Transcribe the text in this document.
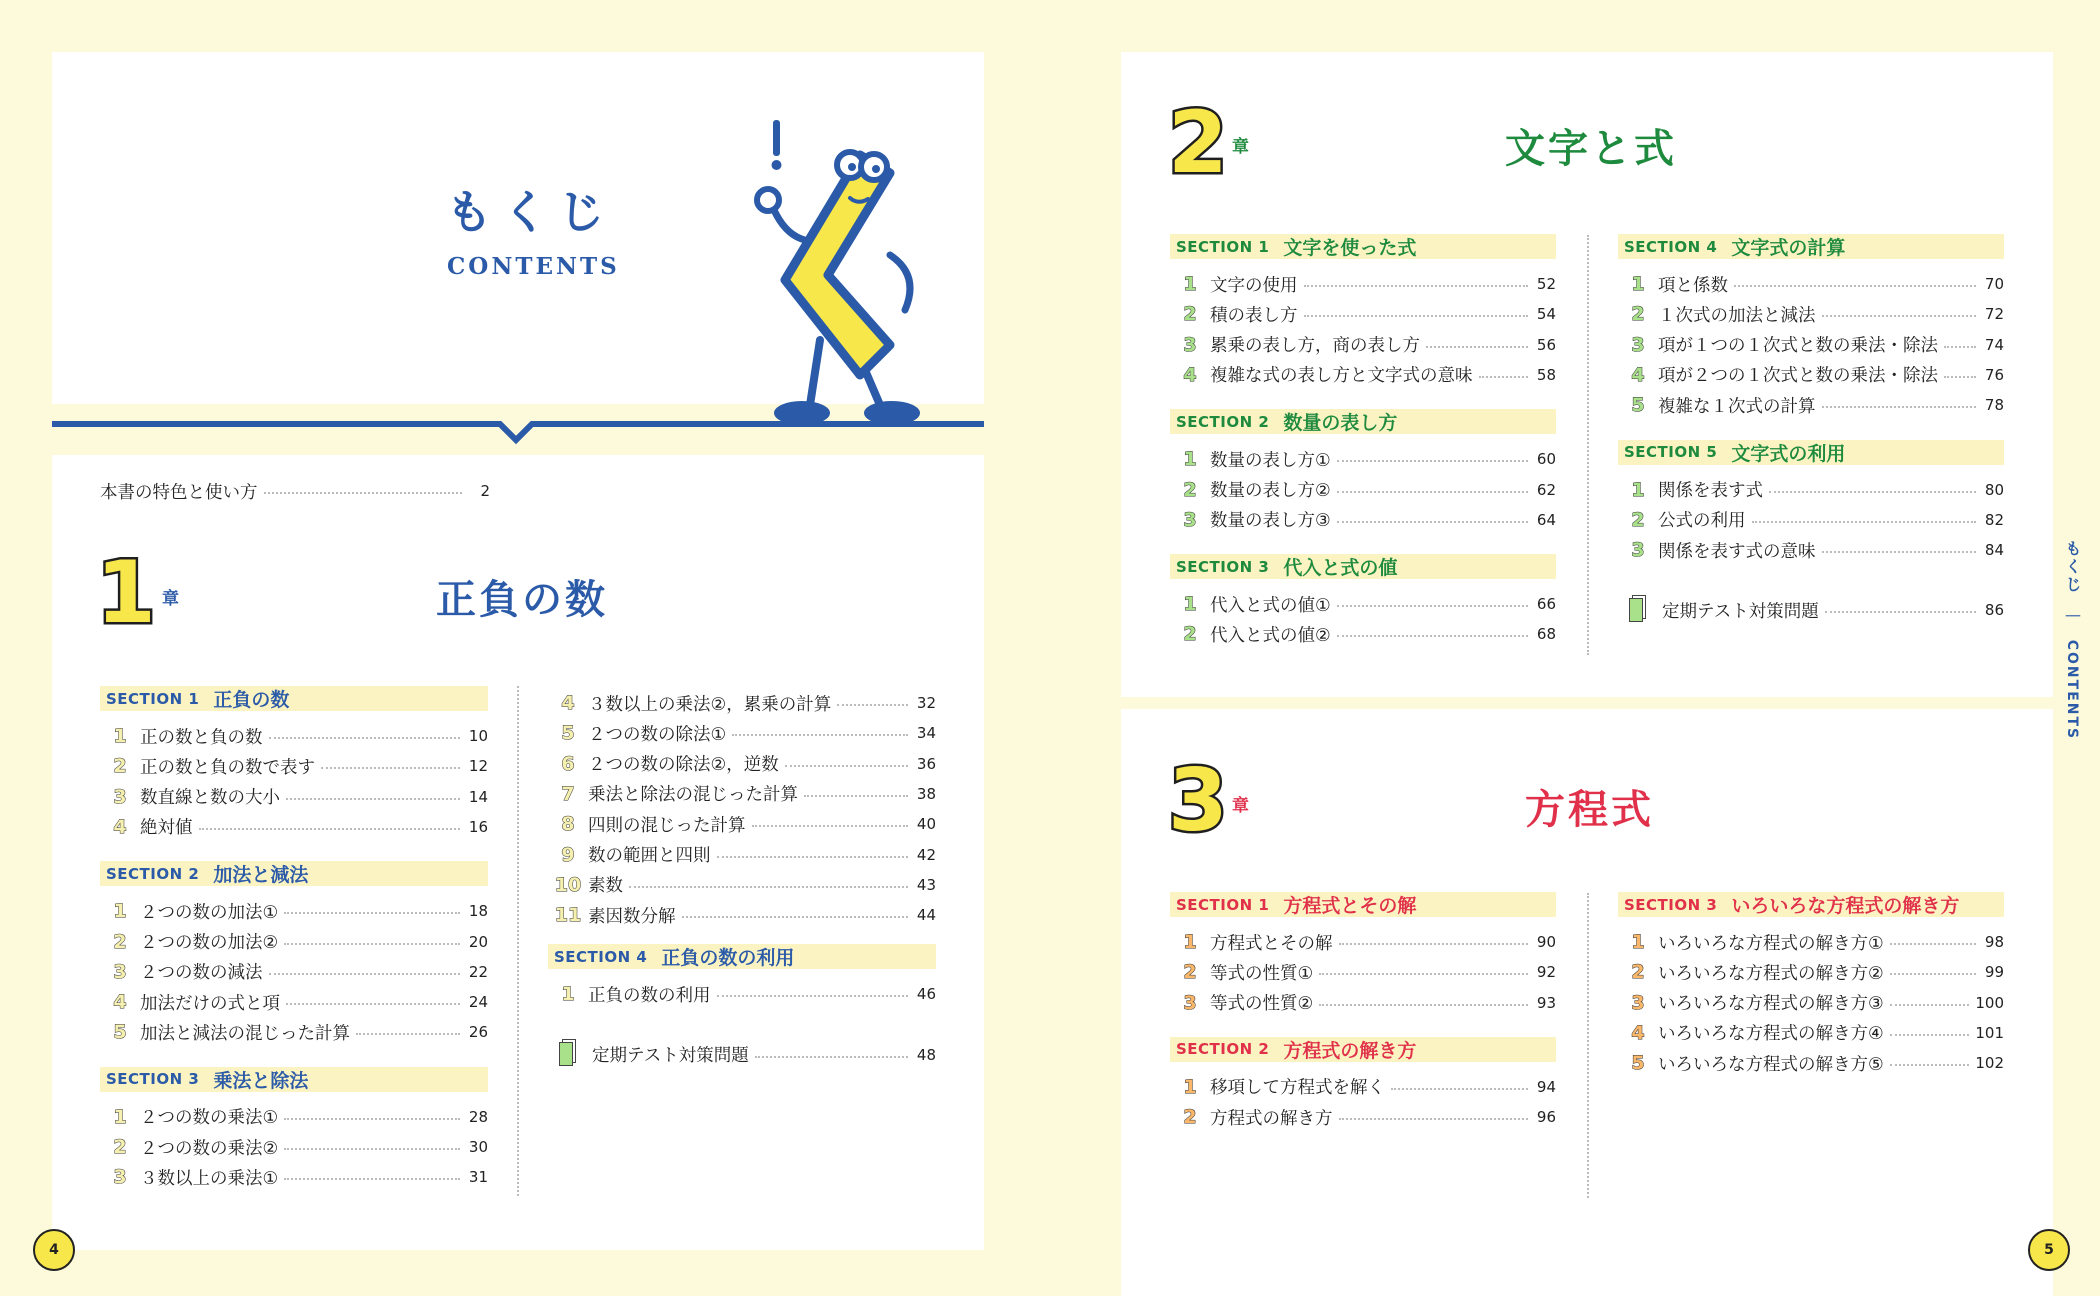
もくじ
CONTENTS
本書の特色と使い方	2
1 章	正負の数
SECTION 1 正負の数
1 正の数と負の数	10
2 正の数と負の数で表す	12
3 数直線と数の大小	14
4 絶対値	16
SECTION 2 加法と減法
1 ２つの数の加法①	18
2 ２つの数の加法②	20
3 ２つの数の減法	22
4 加法だけの式と項	24
5 加法と減法の混じった計算	26
SECTION 3 乗法と除法
1 ２つの数の乗法①	28
2 ２つの数の乗法②	30
3 ３数以上の乗法①	31
4 ３数以上の乗法②，累乗の計算	32
5 ２つの数の除法①	34
6 ２つの数の除法②，逆数	36
7 乗法と除法の混じった計算	38
8 四則の混じった計算	40
9 数の範囲と四則	42
10 素数	43
11 素因数分解	44
SECTION 4 正負の数の利用
1 正負の数の利用	46
定期テスト対策問題	48
4
2 章	文字と式
SECTION 1 文字を使った式
1 文字の使用	52
2 積の表し方	54
3 累乗の表し方，商の表し方	56
4 複雑な式の表し方と文字式の意味	58
SECTION 2 数量の表し方
1 数量の表し方①	60
2 数量の表し方②	62
3 数量の表し方③	64
SECTION 3 代入と式の値
1 代入と式の値①	66
2 代入と式の値②	68
SECTION 4 文字式の計算
1 項と係数	70
2 １次式の加法と減法	72
3 項が１つの１次式と数の乗法・除法	74
4 項が２つの１次式と数の乗法・除法	76
5 複雑な１次式の計算	78
SECTION 5 文字式の利用
1 関係を表す式	80
2 公式の利用	82
3 関係を表す式の意味	84
定期テスト対策問題	86
3 章	方程式
SECTION 1 方程式とその解
1 方程式とその解	90
2 等式の性質①	92
3 等式の性質②	93
SECTION 2 方程式の解き方
1 移項して方程式を解く	94
2 方程式の解き方	96
SECTION 3 いろいろな方程式の解き方
1 いろいろな方程式の解き方①	98
2 いろいろな方程式の解き方②	99
3 いろいろな方程式の解き方③	100
4 いろいろな方程式の解き方④	101
5 いろいろな方程式の解き方⑤	102
もくじ ｜ CONTENTS
5
